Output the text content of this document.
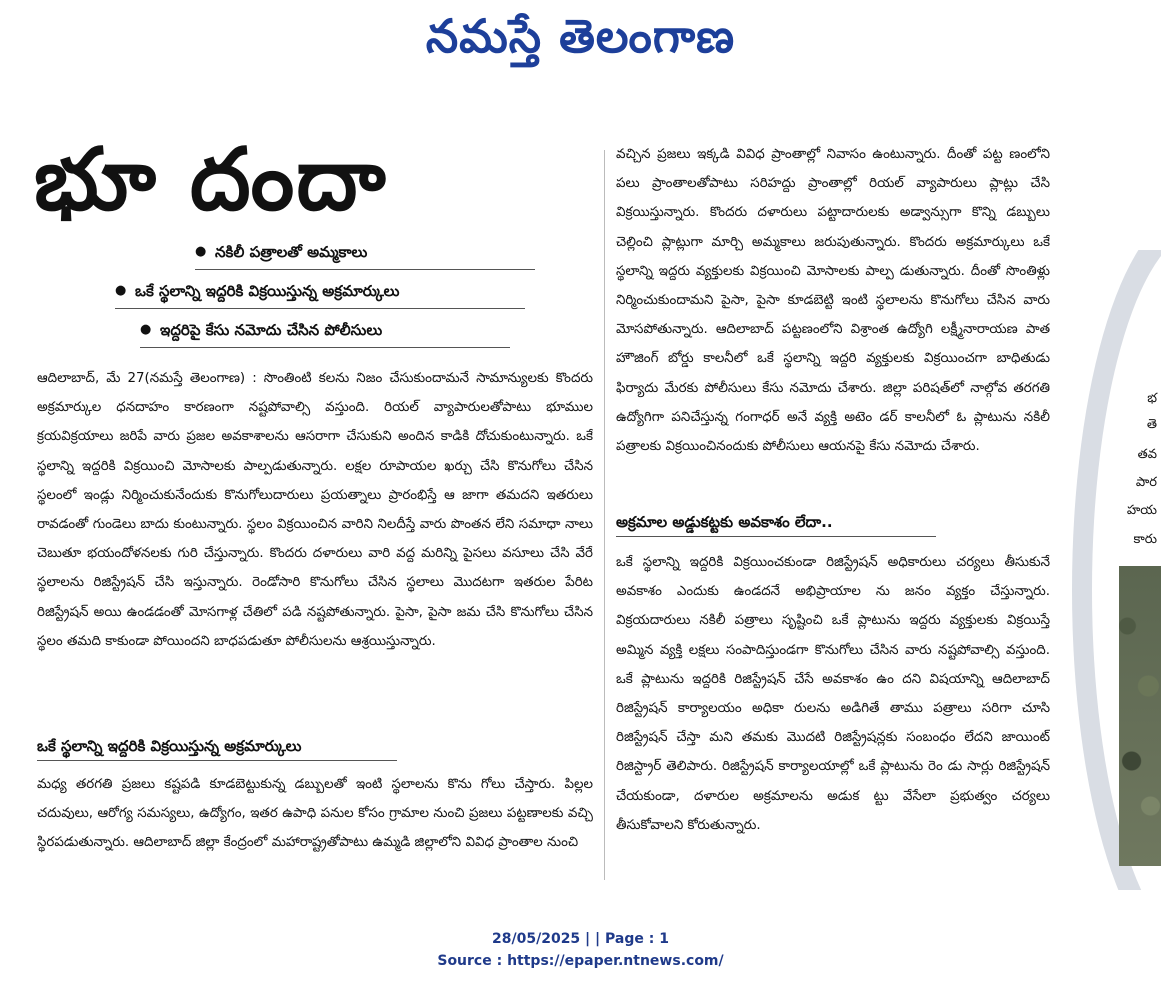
నమస్తే తెలంగాణ
భూ దందా
● నకిలీ పత్రాలతో అమ్మకాలు
● ఒకే స్థలాన్ని ఇద్దరికి విక్రయిస్తున్న అక్రమార్కులు
● ఇద్దరిపై కేసు నమోదు చేసిన పోలీసులు

ఆదిలాబాద్, మే 27(నమస్తే తెలంగాణ) : సొంతింటి కలను నిజం చేసుకుందామనే సామాన్యులకు కొందరు అక్రమార్కుల ధనదాహం కారణంగా నష్టపోవాల్సి వస్తుంది. రియల్ వ్యాపారులతోపాటు భూముల క్రయవిక్రయాలు జరిపే వారు ప్రజల అవకాశాలను ఆసరాగా చేసుకుని అందిన కాడికి దోచుకుంటున్నారు. ఒకే స్థలాన్ని ఇద్దరికి విక్రయించి మోసాలకు పాల్పడుతున్నారు. లక్షల రూపాయల ఖర్చు చేసి కొనుగోలు చేసిన స్థలంలో ఇండ్లు నిర్మించుకునేందుకు కొనుగోలుదారులు ప్రయత్నాలు ప్రారంభిస్తే ఆ జాగా తమదని ఇతరులు రావడంతో గుండెలు బాదు కుంటున్నారు. స్థలం విక్రయించిన వారిని నిలదీస్తే వారు పొంతన లేని సమాధా నాలు చెబుతూ భయందోళనలకు గురి చేస్తున్నారు. కొందరు దళారులు వారి వద్ద మరిన్ని పైసలు వసూలు చేసి వేరే స్థలాలను రిజిస్ట్రేషన్ చేసి ఇస్తున్నారు. రెండోసారి కొనుగోలు చేసిన స్థలాలు మొదటగా ఇతరుల పేరిట రిజిస్ట్రేషన్ అయి ఉండడంతో మోసగాళ్ల చేతిలో పడి నష్టపోతున్నారు. పైసా, పైసా జమ చేసి కొనుగోలు చేసిన స్థలం తమది కాకుండా పోయిందని బాధపడుతూ పోలీసులను ఆశ్రయిస్తున్నారు.

ఒకే స్థలాన్ని ఇద్దరికి విక్రయిస్తున్న అక్రమార్కులు

మధ్య తరగతి ప్రజలు కష్టపడి కూడబెట్టుకున్న డబ్బులతో ఇంటి స్థలాలను కొను గోలు చేస్తారు. పిల్లల చదువులు, ఆరోగ్య సమస్యలు, ఉద్యోగం, ఇతర ఉపాధి పనుల కోసం గ్రామాల నుంచి ప్రజలు పట్టణాలకు వచ్చి స్థిరపడుతున్నారు. ఆదిలాబాద్ జిల్లా కేంద్రంలో మహారాష్ట్రతోపాటు ఉమ్మడి జిల్లాలోని వివిధ ప్రాంతాల నుంచి

వచ్చిన ప్రజలు ఇక్కడి వివిధ ప్రాంతాల్లో నివాసం ఉంటున్నారు. దీంతో పట్ట ణంలోని పలు ప్రాంతాలతోపాటు సరిహద్దు ప్రాంతాల్లో రియల్ వ్యాపారులు ప్లాట్లు చేసి విక్రయిస్తున్నారు. కొందరు దళారులు పట్టాదారులకు అడ్వాన్సుగా కొన్ని డబ్బులు చెల్లించి ప్లాట్లుగా మార్చి అమ్మకాలు జరుపుతున్నారు. కొందరు అక్రమార్కులు ఒకే స్థలాన్ని ఇద్దరు వ్యక్తులకు విక్రయించి మోసాలకు పాల్ప డుతున్నారు. దీంతో సొంతిళ్లు నిర్మించుకుందామని పైసా, పైసా కూడబెట్టి ఇంటి స్థలాలను కొనుగోలు చేసిన వారు మోసపోతున్నారు. ఆదిలాబాద్ పట్టణంలోని విశ్రాంత ఉద్యోగి లక్ష్మీనారాయణ పాత హౌజింగ్ బోర్డు కాలనీలో ఒకే స్థలాన్ని ఇద్దరి వ్యక్తులకు విక్రయించగా బాధితుడు ఫిర్యాదు మేరకు పోలీసులు కేసు నమోదు చేశారు. జిల్లా పరిషత్‌లో నాల్గోవ తరగతి ఉద్యోగిగా పనిచేస్తున్న గంగాధర్ అనే వ్యక్తి అటెం డర్ కాలనీలో ఓ ప్లాటును నకిలీ పత్రాలకు విక్రయించినందుకు పోలీసులు ఆయనపై కేసు నమోదు చేశారు.

అక్రమాల అడ్డుకట్టకు అవకాశం లేదా..

ఒకే స్థలాన్ని ఇద్దరికి విక్రయించకుండా రిజిస్ట్రేషన్ అధికారులు చర్యలు తీసుకునే అవకాశం ఎందుకు ఉండదనే అభిప్రాయాల ను జనం వ్యక్తం చేస్తున్నారు. విక్రయదారులు నకిలీ పత్రాలు సృష్టించి ఒకే ప్లాటును ఇద్దరు వ్యక్తులకు విక్రయిస్తే అమ్మిన వ్యక్తి లక్షలు సంపాదిస్తుండగా కొనుగోలు చేసిన వారు నష్టపోవాల్సి వస్తుంది. ఒకే ప్లాటును ఇద్దరికి రిజిస్ట్రేషన్ చేసే అవకాశం ఉం దని విషయాన్ని ఆదిలాబాద్ రిజిస్ట్రేషన్ కార్యాలయం అధికా రులను అడిగితే తాము పత్రాలు సరిగా చూసి రిజిస్ట్రేషన్ చేస్తా మని తమకు మొదటి రిజిస్ట్రేషన్లకు సంబంధం లేదని జాయింట్ రిజిస్ట్రార్ తెలిపారు. రిజిస్ట్రేషన్ కార్యాలయాల్లో ఒకే ప్లాటును రెం డు సార్లు రిజిస్ట్రేషన్ చేయకుండా, దళారుల అక్రమాలను అడుక ట్టు వేసేలా ప్రభుత్వం చర్యలు తీసుకోవాలని కోరుతున్నారు.

భ
తె
తవ
పార
హయ
కారు
28/05/2025 | | Page : 1
Source : https://epaper.ntnews.com/
